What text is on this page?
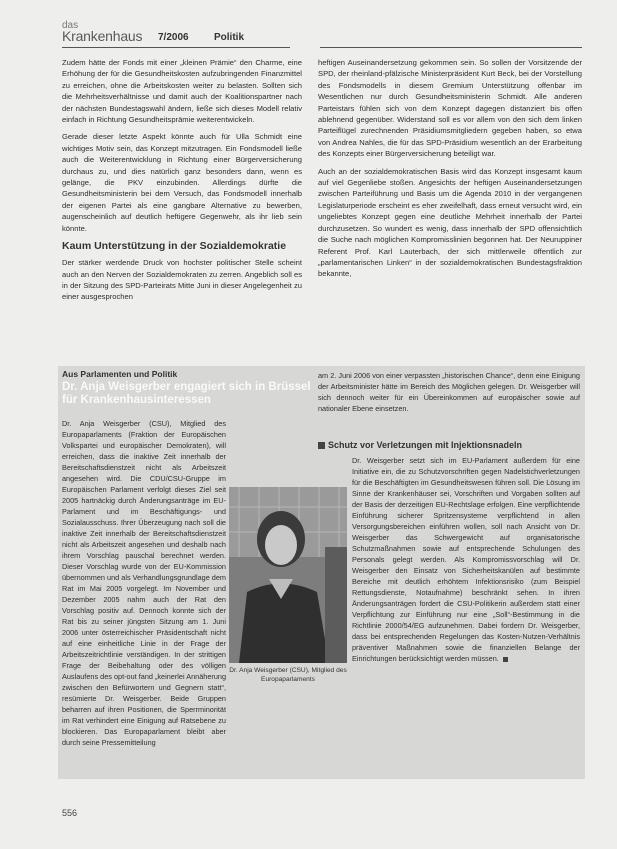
das
Krankenhaus 7/2006	Politik

Zudem hätte der Fonds mit einer „kleinen Prämie“ den Charme, eine Erhöhung der für die Gesundheitskosten aufzubringenden Finanzmittel zu erreichen, ohne die Arbeitskosten weiter zu belasten. Sollten sich die Mehrheitsverhältnisse und damit auch der Koalitionspartner nach der nächsten Bundestagswahl ändern, ließe sich dieses Modell relativ einfach in Richtung Gesundheitsprämie weiterentwickeln.

Gerade dieser letzte Aspekt könnte auch für Ulla Schmidt eine wichtiges Motiv sein, das Konzept mitzutragen. Ein Fondsmodell ließe auch die Weiterentwicklung in Richtung einer Bürgerversicherung durchaus zu, und dies natürlich ganz besonders dann, wenn es gelänge, die PKV einzubinden. Allerdings dürfte die Gesundheitsministerin bei dem Versuch, das Fondsmodell innerhalb der eigenen Partei als eine gangbare Alternative zu bewerben, augenscheinlich auf deutlich heftigere Gegenwehr, als ihr lieb sein könnte.

Kaum Unterstützung in der Sozialdemokratie

Der stärker werdende Druck von hochster politischer Stelle scheint auch an den Nerven der Sozialdemokraten zu zerren. Angeblich soll es in der Sitzung des SPD-Parteirats Mitte Juni in dieser Angelegenheit zu einer ausgesprochen

heftigen Auseinandersetzung gekommen sein. So sollen der Vorsitzende der SPD, der rheinland-pfälzische Ministerpräsident Kurt Beck, bei der Vorstellung des Fondsmodells in diesem Gremium Unterstützung offenbar im Wesentlichen nur durch Gesundheitsministerin Schmidt. Alle anderen Parteistars fühlen sich von dem Konzept dagegen distanziert bis offen ablehnend gegenüber. Widerstand soll es vor allem von den sich dem linken Parteiflügel zurechnenden Präsidiumsmitgliedern gegeben haben, so etwa von Andrea Nahles, die für das SPD-Präsidium wesentlich an der Erarbeitung des Konzepts einer Bürgerversicherung beteiligt war.

Auch an der sozialdemokratischen Basis wird das Konzept insgesamt kaum auf viel Gegenliebe stoßen. Angesichts der heftigen Auseinandersetzungen zwischen Parteiführung und Basis um die Agenda 2010 in der vergangenen Legislaturperiode erscheint es eher zweifelhaft, dass erneut versucht wird, ein ungeliebtes Konzept gegen eine deutliche Mehrheit innerhalb der Partei durchzusetzen. So wundert es wenig, dass innerhalb der SPD offensichtlich die Suche nach möglichen Kompromisslinien begonnen hat. Der Neuruppiner Referent Prof. Karl Lauterbach, der sich mittlerweile öffentlich zur „parlamentarischen Linken“ in der sozialdemokratischen Bundestagsfraktion bekannte,

Aus Parlamenten und Politik
Dr. Anja Weisgerber engagiert sich in Brüssel für Krankenhausinteressen

Dr. Anja Weisgerber (CSU), Mitglied des Europaparlaments (Fraktion der Europäischen Volkspartei und europäischer Demokraten), will erreichen, dass die inaktive Zeit innerhalb der Bereitschaftsdienstzeit nicht als Arbeitszeit angesehen wird. Die CDU/CSU-Gruppe im Europäischen Parlament verfolgt dieses Ziel seit 2005 hartnäckig durch Änderungsanträge im EU-Parlament und im Beschäftigungs- und Sozialausschuss. Ihrer Überzeugung nach soll die inaktive Zeit innerhalb der Bereitschaftsdienstzeit nicht als Arbeitszeit angesehen und deshalb nach ihrem Vorschlag pauschal berechnet werden. Dieser Vorschlag wurde von der EU-Kommission übernommen und als Verhandlungsgrundlage dem Rat im Mai 2005 vorgelegt. Im November und Dezember 2005 nahm auch der Rat den Vorschlag positiv auf. Dennoch konnte sich der Rat bis zu seiner jüngsten Sitzung am 1. Juni 2006 unter österreichischer Präsidentschaft nicht auf eine einheitliche Linie in der Frage der Arbeitszeitrichtlinie verständigen. In der strittigen Frage der Beibehaltung oder des völligen Auslaufens des opt-out fand „keinerlei Annäherung zwischen den Befürwortern und Gegnern statt“, resümierte Dr. Weisgerber. Beide Gruppen beharren auf ihren Positionen, die Sperrminorität im Rat verhindert eine Einigung auf Ratsebene zu blockieren. Das Europaparlament bleibt aber durch seine Pressemitteilung

Dr. Anja Weisgerber (CSU), Mitglied des Europaparlaments

am 2. Juni 2006 von einer verpassten „historischen Chance“, denn eine Einigung der Arbeitsminister hätte im Bereich des Möglichen gelegen. Dr. Weisgerber will sich dennoch weiter für ein Übereinkommen auf europäischer sowie auf nationaler Ebene einsetzen.

Schutz vor Verletzungen mit Injektionsnadeln

Dr. Weisgerber setzt sich im EU-Parlament außerdem für eine Initiative ein, die zu Schutzvorschriften gegen Nadelstichverletzungen für die Beschäftigten im Gesundheitswesen führen soll. Die Lösung im Sinne der Krankenhäuser sei, Vorschriften und Vorgaben sollten auf der Basis der derzeitigen EU-Rechtslage erfolgen. Eine verpflichtende Einführung sicherer Spritzensysteme verpflichtend in allen Versorgungsbereichen einführen wollen, soll nach Ansicht von Dr. Weisgerber das Schwergewicht auf organisatorische Schutzmaßnahmen sowie auf entsprechende Schulungen des Personals gelegt werden. Als Kompromissvorschlag will Dr. Weisgerber den Einsatz von Sicherheitskanülen auf bestimmte Bereiche mit deutlich erhöhtem Infektionsrisiko (zum Beispiel Rettungsdienste, Notaufnahme) beschränkt sehen. In ihren Änderungsanträgen fordert die CSU-Politikerin außerdem statt einer Verpflichtung zur Einführung nur eine „Soll“-Bestimmung in die Richtlinie 2000/54/EG aufzunehmen. Dabei fordern Dr. Weisgerber, dass bei entsprechenden Regelungen das Kosten-Nutzen-Verhältnis präventiver Maßnahmen sowie die finanziellen Belange der Einrichtungen berücksichtigt werden müssen.

556
